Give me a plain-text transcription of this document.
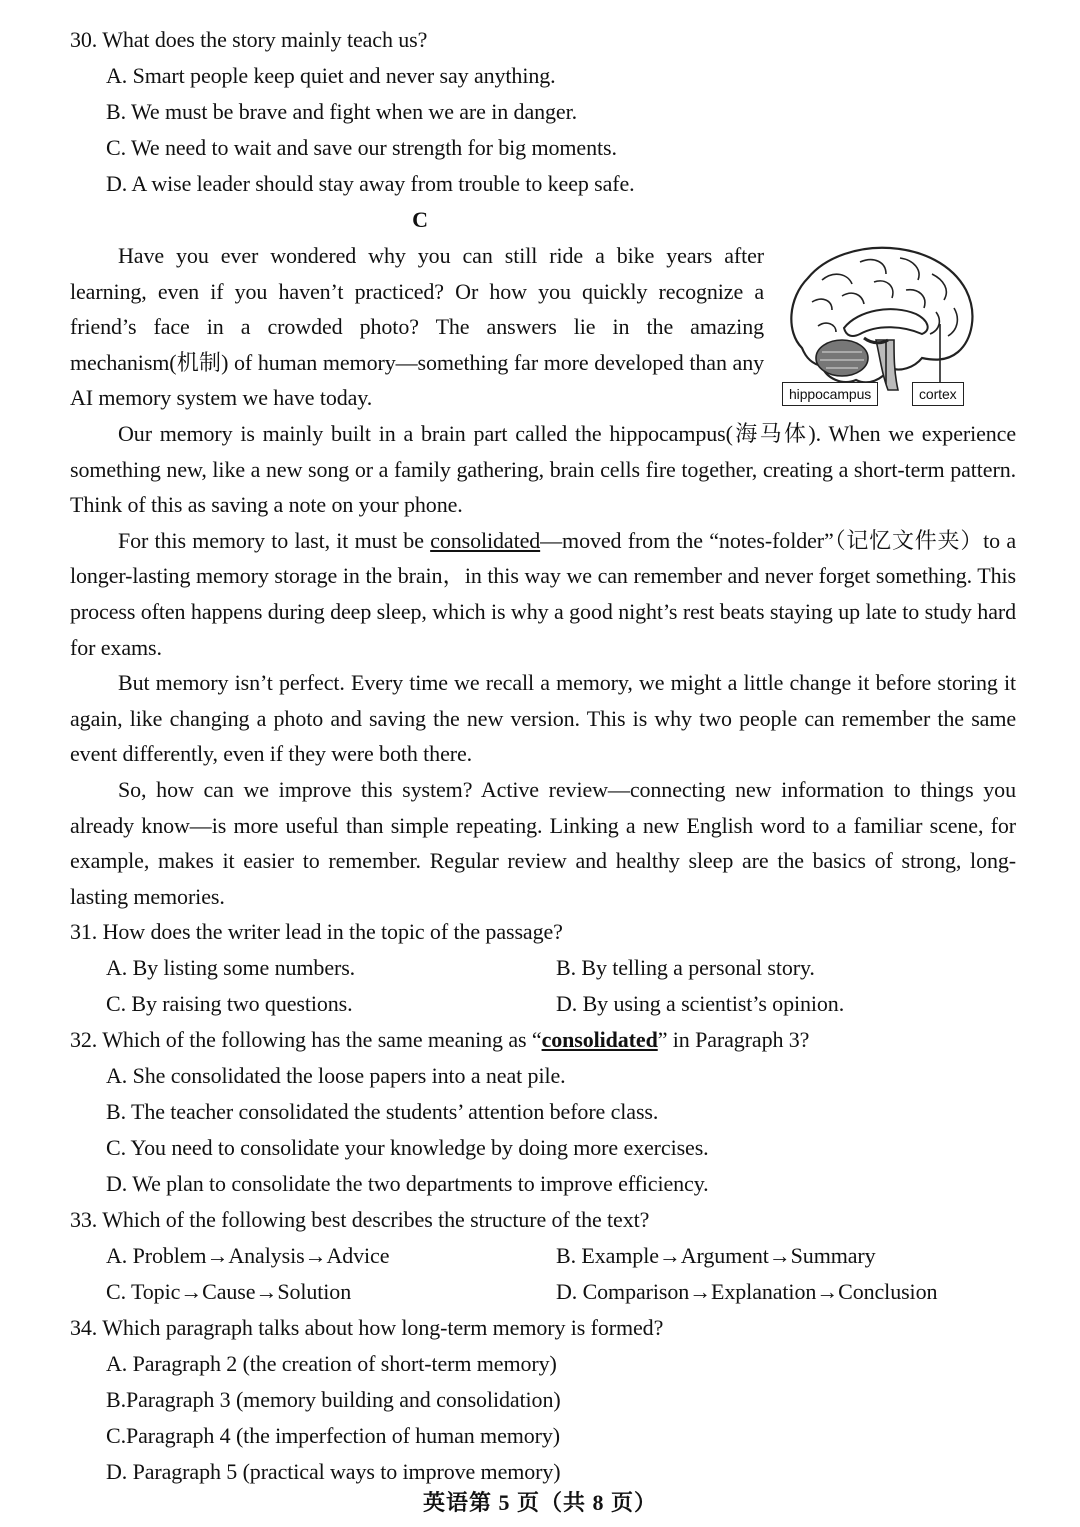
30. What does the story mainly teach us?
A. Smart people keep quiet and never say anything.
B. We must be brave and fight when we are in danger.
C. We need to wait and save our strength for big moments.
D. A wise leader should stay away from trouble to keep safe.
C

Have you ever wondered why you can still ride a bike years after learning, even if you haven’t practiced? Or how you quickly recognize a friend’s face in a crowded photo? The answers lie in the amazing mechanism(机制) of human memory—something far more developed than any AI memory system we have today.	hippocampus	cortex

Our memory is mainly built in a brain part called the hippocampus(海马体). When we experience something new, like a new song or a family gathering, brain cells fire together, creating a short-term pattern. Think of this as saving a note on your phone.

For this memory to last, it must be consolidated—moved from the “notes-folder”（记忆文件夹）to a longer-lasting memory storage in the brain，in this way we can remember and never forget something. This process often happens during deep sleep, which is why a good night’s rest beats staying up late to study hard for exams.

But memory isn’t perfect. Every time we recall a memory, we might a little change it before storing it again, like changing a photo and saving the new version. This is why two people can remember the same event differently, even if they were both there.

So, how can we improve this system? Active review—connecting new information to things you already know—is more useful than simple repeating. Linking a new English word to a familiar scene, for example, makes it easier to remember. Regular review and healthy sleep are the basics of strong, long-lasting memories.

31. How does the writer lead in the topic of the passage?
A. By listing some numbers.	B. By telling a personal story.
C. By raising two questions.	D. By using a scientist’s opinion.
32. Which of the following has the same meaning as “consolidated” in Paragraph 3?
A. She consolidated the loose papers into a neat pile.
B. The teacher consolidated the students’ attention before class.
C. You need to consolidate your knowledge by doing more exercises.
D. We plan to consolidate the two departments to improve efficiency.
33. Which of the following best describes the structure of the text?
A. Problem→Analysis→Advice	B. Example→Argument→Summary
C. Topic→Cause→Solution	D. Comparison→Explanation→Conclusion
34. Which paragraph talks about how long-term memory is formed?
A. Paragraph 2 (the creation of short-term memory)
B.Paragraph 3 (memory building and consolidation)
C.Paragraph 4 (the imperfection of human memory)
D. Paragraph 5 (practical ways to improve memory)
英语第 5 页（共 8 页）
